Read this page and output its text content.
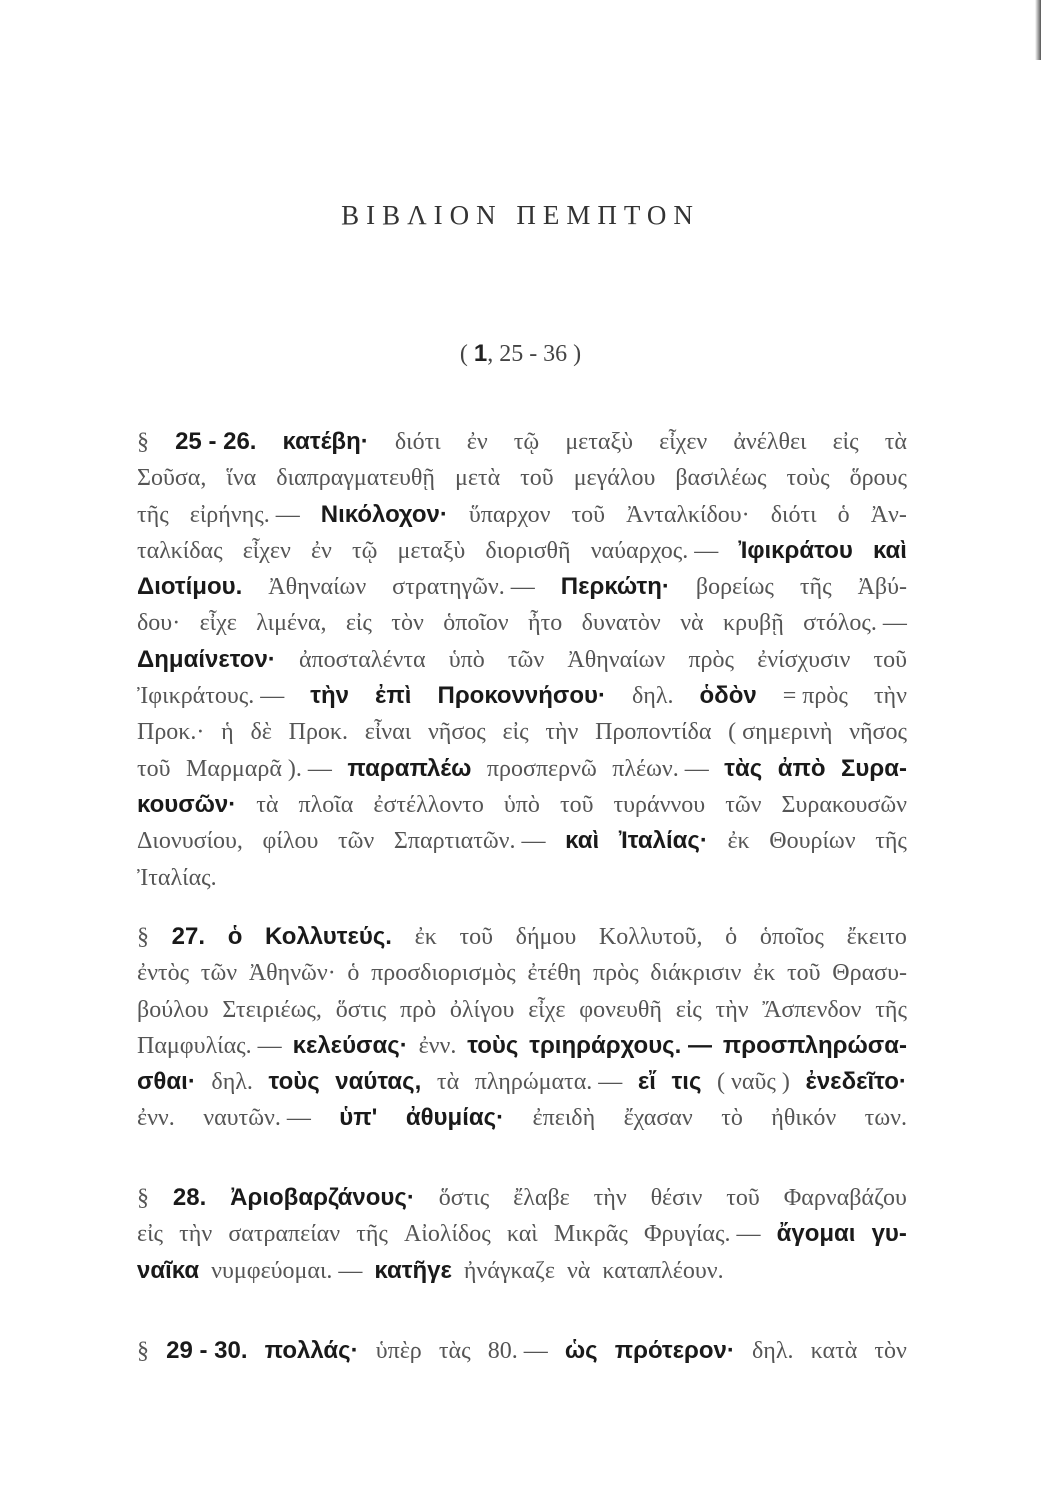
ΒΙΒΛΙΟΝ ΠΕΜΠΤΟΝ
( 1, 25 - 36 )
§ 25 - 26. κατέβη· διότι ἐν τῷ μεταξὺ εἶχεν ἀνέλθει εἰς τὰ
Σοῦσα, ἵνα διαπραγματευθῇ μετὰ τοῦ μεγάλου βασιλέως τοὺς ὅρους
τῆς εἰρήνης. — Νικόλοχον· ὕπαρχον τοῦ Ἀνταλκίδου· διότι ὁ Ἀν-
ταλκίδας εἶχεν ἐν τῷ μεταξὺ διορισθῆ ναύαρχος. — Ἰφικράτου καὶ
Διοτίμου. Ἀθηναίων στρατηγῶν. — Περκώτη· βορείως τῆς Ἀβύ-
δου· εἶχε λιμένα, εἰς τὸν ὁποῖον ἦτο δυνατὸν νὰ κρυβῇ στόλος. —
Δημαίνετον· ἀποσταλέντα ὑπὸ τῶν Ἀθηναίων πρὸς ἐνίσχυσιν τοῦ
Ἰφικράτους. — τὴν ἐπὶ Προκοννήσου· δηλ. ὁδὸν = πρὸς τὴν
Προκ.· ἡ δὲ Προκ. εἶναι νῆσος εἰς τὴν Προποντίδα ( σημερινὴ νῆσος
τοῦ Μαρμαρᾶ ). — παραπλέω προσπερνῶ πλέων. — τὰς ἀπὸ Συρα-
κουσῶν· τὰ πλοῖα ἐστέλλοντο ὑπὸ τοῦ τυράννου τῶν Συρακουσῶν
Διονυσίου, φίλου τῶν Σπαρτιατῶν. — καὶ Ἰταλίας· ἐκ Θουρίων τῆς
Ἰταλίας.
§ 27. ὁ Κολλυτεύς. ἐκ τοῦ δήμου Κολλυτοῦ, ὁ ὁποῖος ἔκειτο
ἐντὸς τῶν Ἀθηνῶν· ὁ προσδιορισμὸς ἐτέθη πρὸς διάκρισιν ἐκ τοῦ Θρασυ-
βούλου Στειριέως, ὅστις πρὸ ὀλίγου εἶχε φονευθῆ εἰς τὴν Ἄσπενδον τῆς
Παμφυλίας. — κελεύσας· ἐνν. τοὺς τριηράρχους. — προσπληρώσα-
σθαι· δηλ. τοὺς ναύτας, τὰ πληρώματα. — εἴ τις ( ναῦς ) ἐνεδεῖτο·
ἐνν. ναυτῶν. — ὑπ' ἀθυμίας· ἐπειδὴ ἔχασαν τὸ ἠθικόν των.
§ 28. Ἀριοβαρζάνους· ὅστις ἔλαβε τὴν θέσιν τοῦ Φαρναβάζου
εἰς τὴν σατραπείαν τῆς Αἰολίδος καὶ Μικρᾶς Φρυγίας. — ἄγομαι γυ-
ναῖκα νυμφεύομαι. — κατῆγε ἠνάγκαζε νὰ καταπλέουν.
§ 29 - 30. πολλάς· ὑπὲρ τὰς 80. — ὡς πρότερον· δηλ. κατὰ τὸν
